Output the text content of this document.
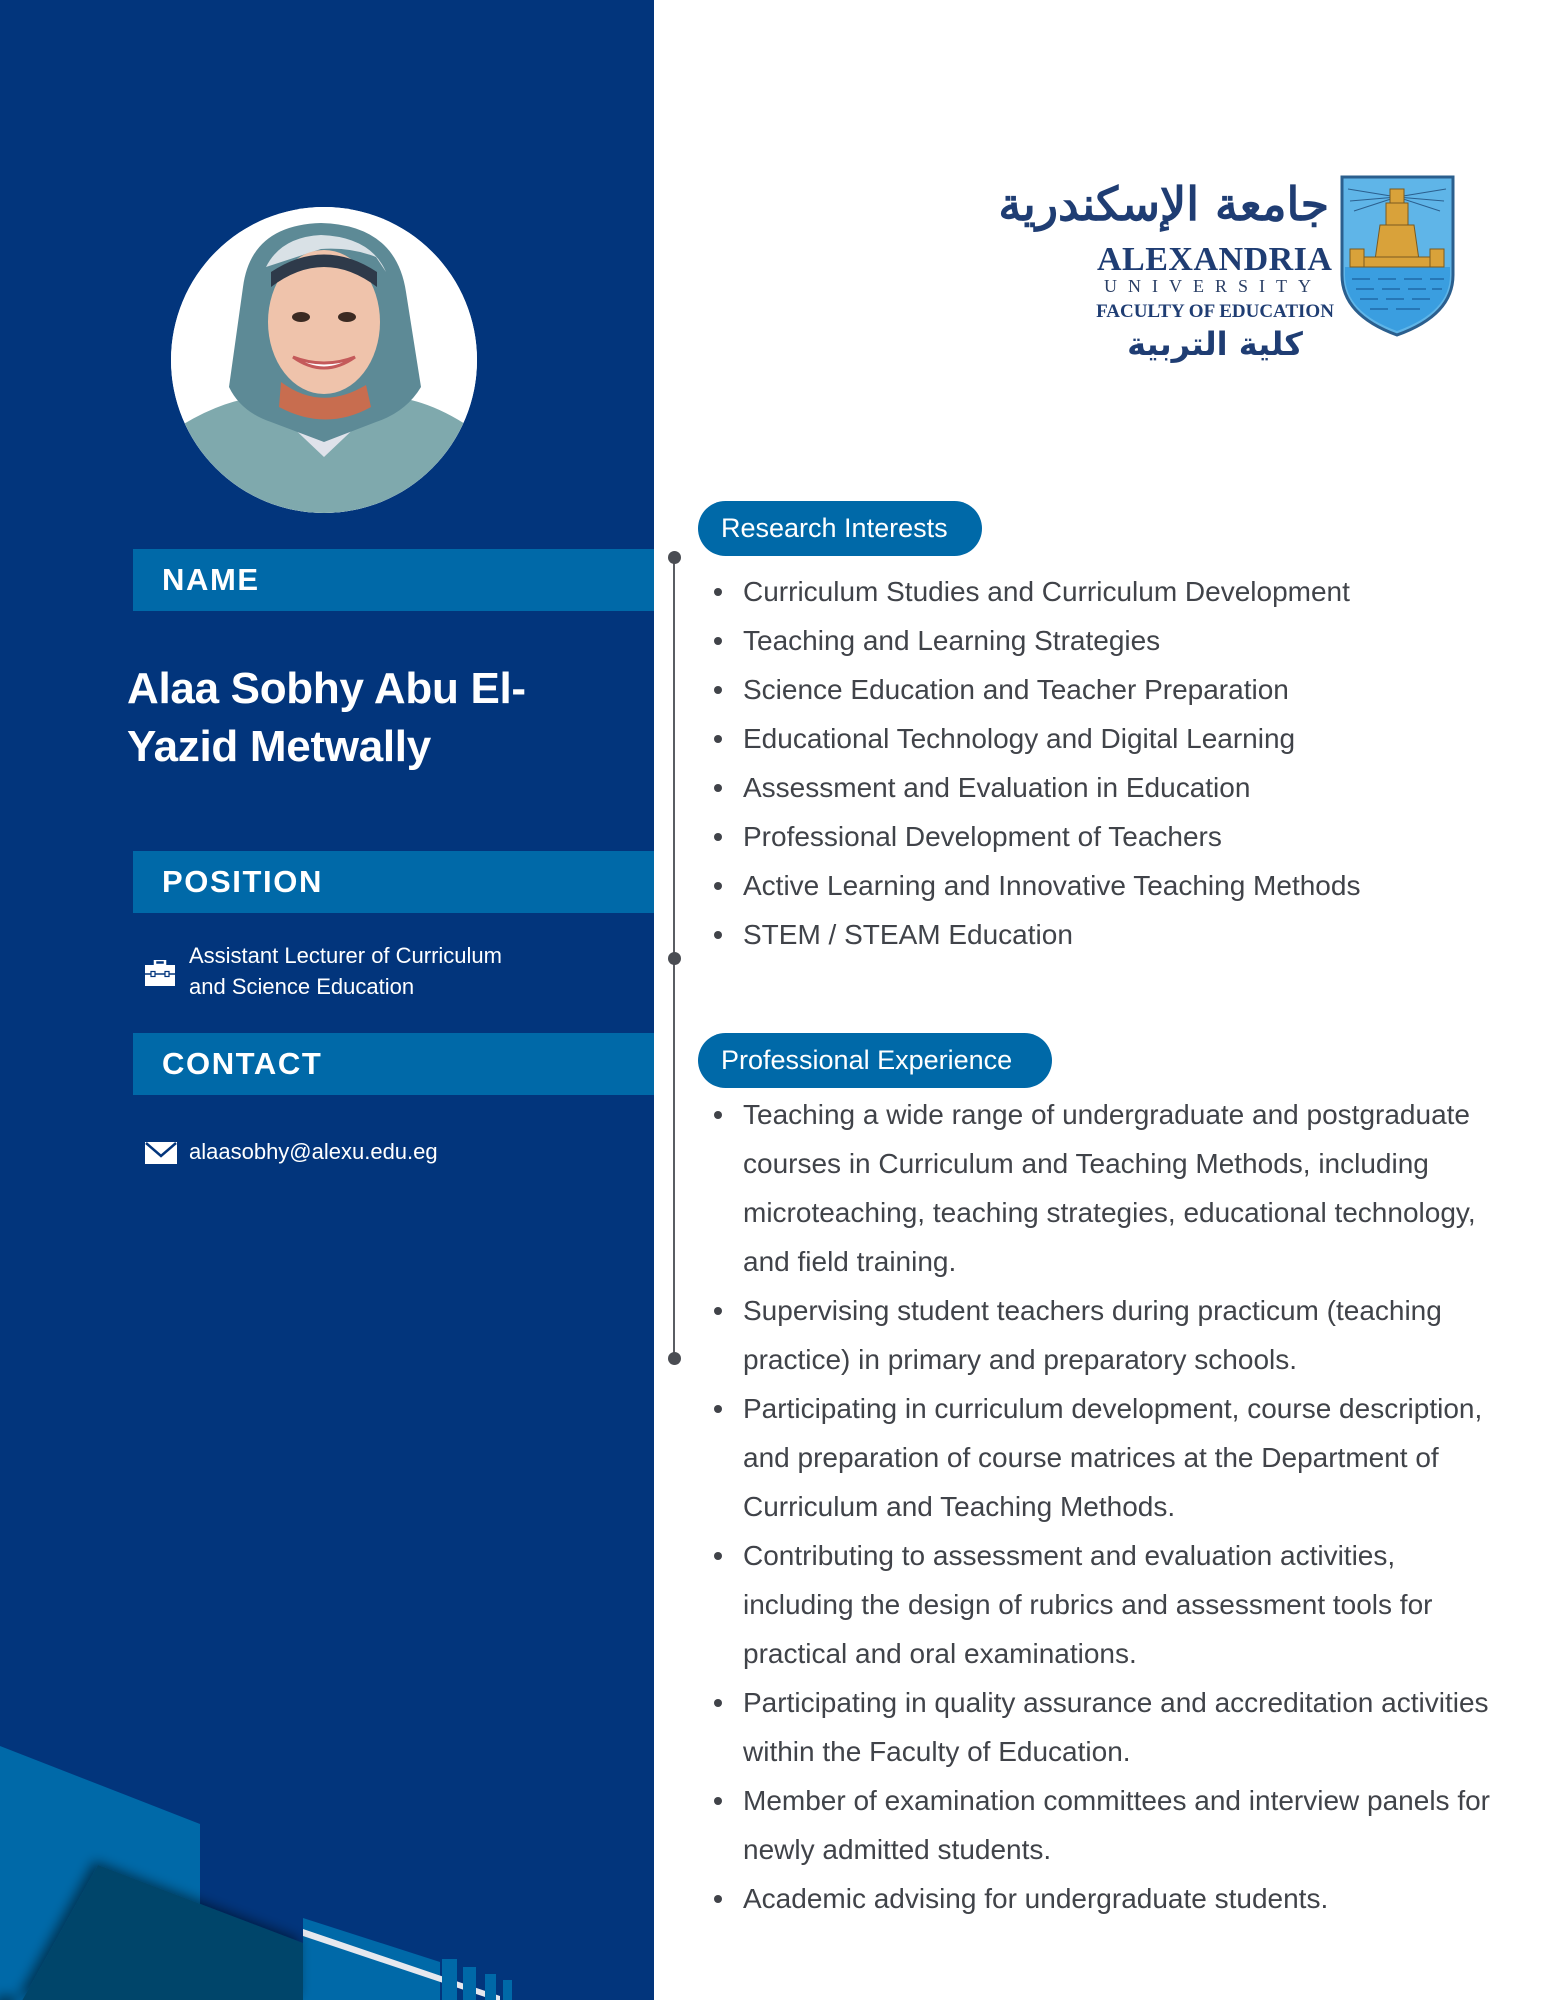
NAME
Alaa Sobhy Abu El-
Yazid Metwally
POSITION
Assistant Lecturer of Curriculum
and Science Education
CONTACT
alaasobhy@alexu.edu.eg
جامعة الإسكندرية
ALEXANDRIA
UNIVERSITY
FACULTY OF EDUCATION
كلية التربية
Research Interests
Curriculum Studies and Curriculum Development
Teaching and Learning Strategies
Science Education and Teacher Preparation
Educational Technology and Digital Learning
Assessment and Evaluation in Education
Professional Development of Teachers
Active Learning and Innovative Teaching Methods
STEM / STEAM Education
Professional Experience
Teaching a wide range of undergraduate and postgraduate
courses in Curriculum and Teaching Methods, including
microteaching, teaching strategies, educational technology,
and field training.
Supervising student teachers during practicum (teaching
practice) in primary and preparatory schools.
Participating in curriculum development, course description,
and preparation of course matrices at the Department of
Curriculum and Teaching Methods.
Contributing to assessment and evaluation activities,
including the design of rubrics and assessment tools for
practical and oral examinations.
Participating in quality assurance and accreditation activities
within the Faculty of Education.
Member of examination committees and interview panels for
newly admitted students.
Academic advising for undergraduate students.
